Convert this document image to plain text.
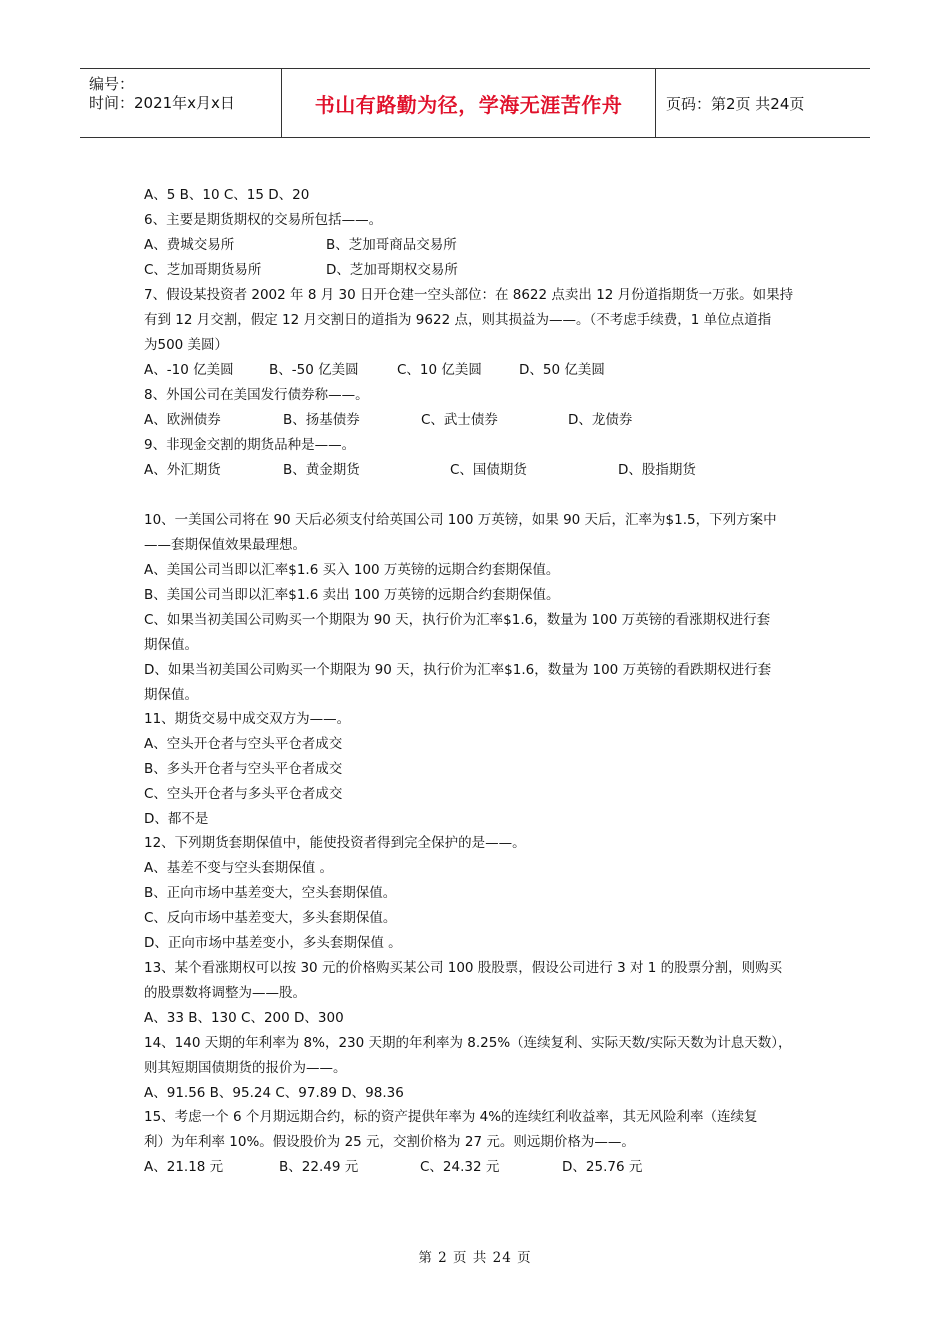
编号：
时间：2021年x月x日	书山有路勤为径，学海无涯苦作舟	页码：第2页 共24页
A、5 B、10 C、15 D、20
6、主要是期货期权的交易所包括——。
A、费城交易所	B、芝加哥商品交易所
C、芝加哥期货易所	D、芝加哥期权交易所
7、假设某投资者 2002 年 8 月 30 日开仓建一空头部位：在 8622 点卖出 12 月份道指期货一万张。如果持
有到 12 月交割，假定 12 月交割日的道指为 9622 点，则其损益为——。（不考虑手续费，1 单位点道指
为500 美圆）
A、-10 亿美圆	B、-50 亿美圆	C、10 亿美圆	D、50 亿美圆
8、外国公司在美国发行债券称——。
A、欧洲债券	B、扬基债券	C、武士债券	D、龙债券
9、非现金交割的期货品种是——。
A、外汇期货	B、黄金期货	C、国债期货	D、股指期货
10、一美国公司将在 90 天后必须支付给英国公司 100 万英镑，如果 90 天后，汇率为$1.5，下列方案中
——套期保值效果最理想。
A、美国公司当即以汇率$1.6 买入 100 万英镑的远期合约套期保值。
B、美国公司当即以汇率$1.6 卖出 100 万英镑的远期合约套期保值。
C、如果当初美国公司购买一个期限为 90 天，执行价为汇率$1.6，数量为 100 万英镑的看涨期权进行套
期保值。
D、如果当初美国公司购买一个期限为 90 天，执行价为汇率$1.6，数量为 100 万英镑的看跌期权进行套
期保值。
11、期货交易中成交双方为——。
A、空头开仓者与空头平仓者成交
B、多头开仓者与空头平仓者成交
C、空头开仓者与多头平仓者成交
D、都不是
12、下列期货套期保值中，能使投资者得到完全保护的是——。
A、基差不变与空头套期保值 。
B、正向市场中基差变大，空头套期保值。
C、反向市场中基差变大，多头套期保值。
D、正向市场中基差变小，多头套期保值 。
13、某个看涨期权可以按 30 元的价格购买某公司 100 股股票，假设公司进行 3 对 1 的股票分割，则购买
的股票数将调整为——股。
A、33 B、130 C、200 D、300
14、140 天期的年利率为 8%，230 天期的年利率为 8.25%（连续复利、实际天数/实际天数为计息天数），
则其短期国债期货的报价为——。
A、91.56 B、95.24 C、97.89 D、98.36
15、考虑一个 6 个月期远期合约，标的资产提供年率为 4%的连续红利收益率，其无风险利率（连续复
利）为年利率 10%。假设股价为 25 元，交割价格为 27 元。则远期价格为——。
A、21.18 元	B、22.49 元	C、24.32 元	D、25.76 元
第 2 页 共 24 页
